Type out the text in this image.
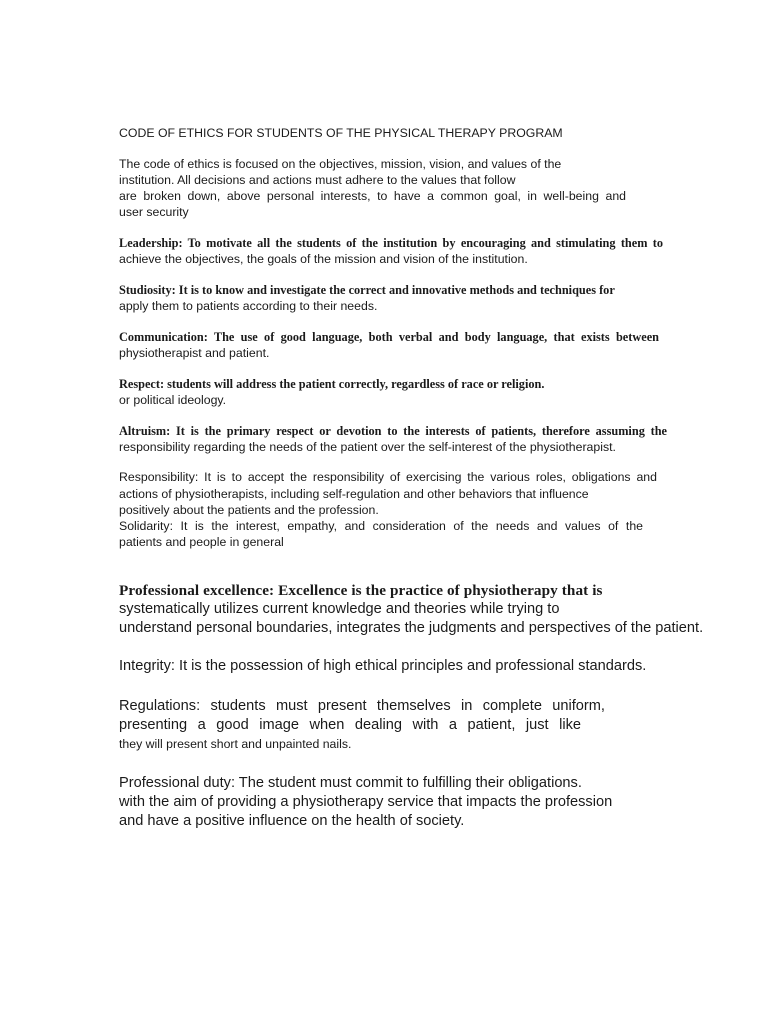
CODE OF ETHICS FOR STUDENTS OF THE PHYSICAL THERAPY PROGRAM

The code of ethics is focused on the objectives, mission, vision, and values of the

institution. All decisions and actions must adhere to the values that follow

are broken down, above personal interests, to have a common goal, in well-being and

user security

Leadership: To motivate all the students of the institution by encouraging and stimulating them to

achieve the objectives, the goals of the mission and vision of the institution.

Studiosity: It is to know and investigate the correct and innovative methods and techniques for

apply them to patients according to their needs.

Communication: The use of good language, both verbal and body language, that exists between

physiotherapist and patient.

Respect: students will address the patient correctly, regardless of race or religion.

or political ideology.

Altruism: It is the primary respect or devotion to the interests of patients, therefore assuming the

responsibility regarding the needs of the patient over the self-interest of the physiotherapist.

Responsibility: It is to accept the responsibility of exercising the various roles, obligations and

actions of physiotherapists, including self-regulation and other behaviors that influence

positively about the patients and the profession.

Solidarity: It is the interest, empathy, and consideration of the needs and values of the

patients and people in general

Professional excellence: Excellence is the practice of physiotherapy that is

systematically utilizes current knowledge and theories while trying to

understand personal boundaries, integrates the judgments and perspectives of the patient.

Integrity: It is the possession of high ethical principles and professional standards.

Regulations: students must present themselves in complete uniform,

presenting a good image when dealing with a patient, just like

they will present short and unpainted nails.

Professional duty: The student must commit to fulfilling their obligations.

with the aim of providing a physiotherapy service that impacts the profession

and have a positive influence on the health of society.
